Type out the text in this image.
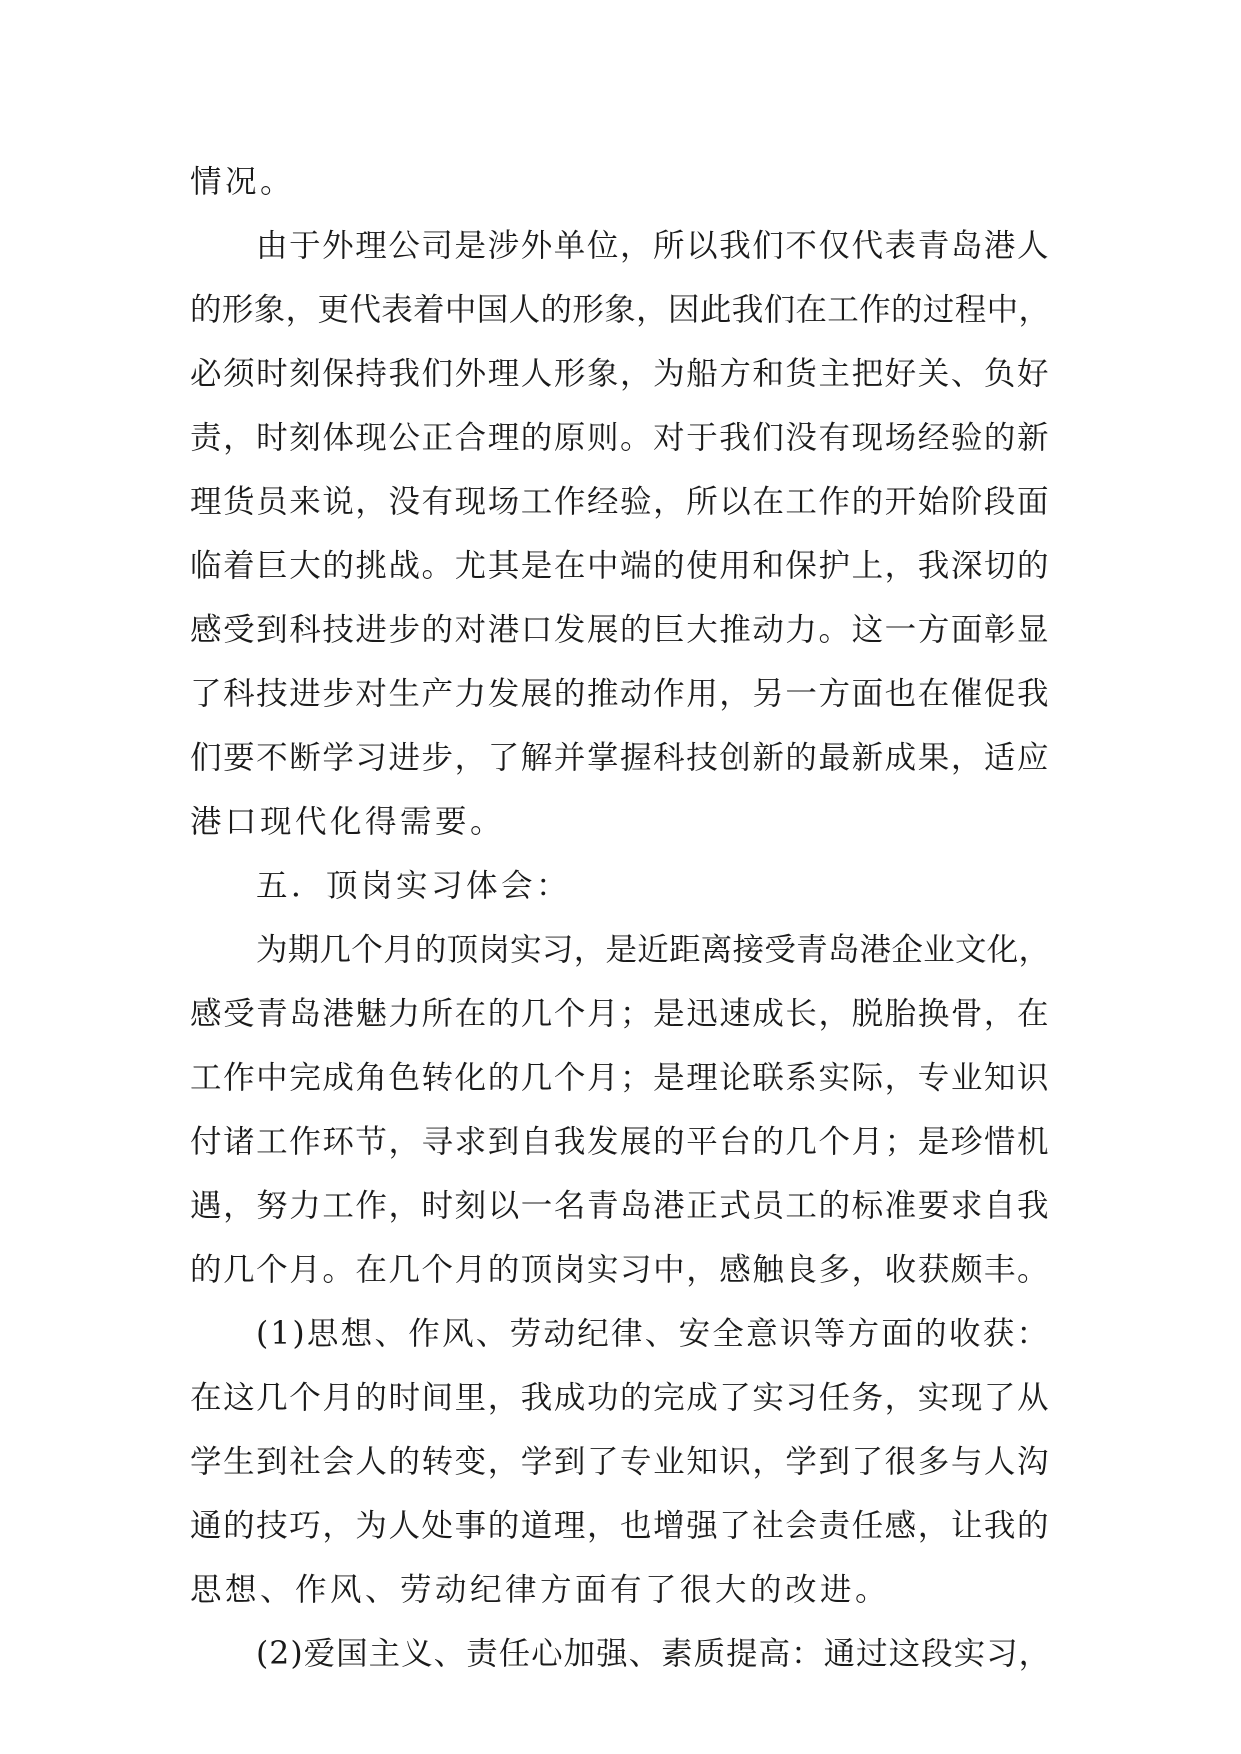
情况。
由于外理公司是涉外单位，所以我们不仅代表青岛港人
的形象，更代表着中国人的形象，因此我们在工作的过程中，
必须时刻保持我们外理人形象，为船方和货主把好关、负好
责，时刻体现公正合理的原则。对于我们没有现场经验的新
理货员来说，没有现场工作经验，所以在工作的开始阶段面
临着巨大的挑战。尤其是在中端的使用和保护上，我深切的
感受到科技进步的对港口发展的巨大推动力。这一方面彰显
了科技进步对生产力发展的推动作用，另一方面也在催促我
们要不断学习进步，了解并掌握科技创新的最新成果，适应
港口现代化得需要。
五．顶岗实习体会：
为期几个月的顶岗实习，是近距离接受青岛港企业文化，
感受青岛港魅力所在的几个月；是迅速成长，脱胎换骨，在
工作中完成角色转化的几个月；是理论联系实际，专业知识
付诸工作环节，寻求到自我发展的平台的几个月；是珍惜机
遇，努力工作，时刻以一名青岛港正式员工的标准要求自我
的几个月。在几个月的顶岗实习中，感触良多，收获颇丰。
(1)思想、作风、劳动纪律、安全意识等方面的收获：
在这几个月的时间里，我成功的完成了实习任务，实现了从
学生到社会人的转变，学到了专业知识，学到了很多与人沟
通的技巧，为人处事的道理，也增强了社会责任感，让我的
思想、作风、劳动纪律方面有了很大的改进。
(2)爱国主义、责任心加强、素质提高：通过这段实习，
